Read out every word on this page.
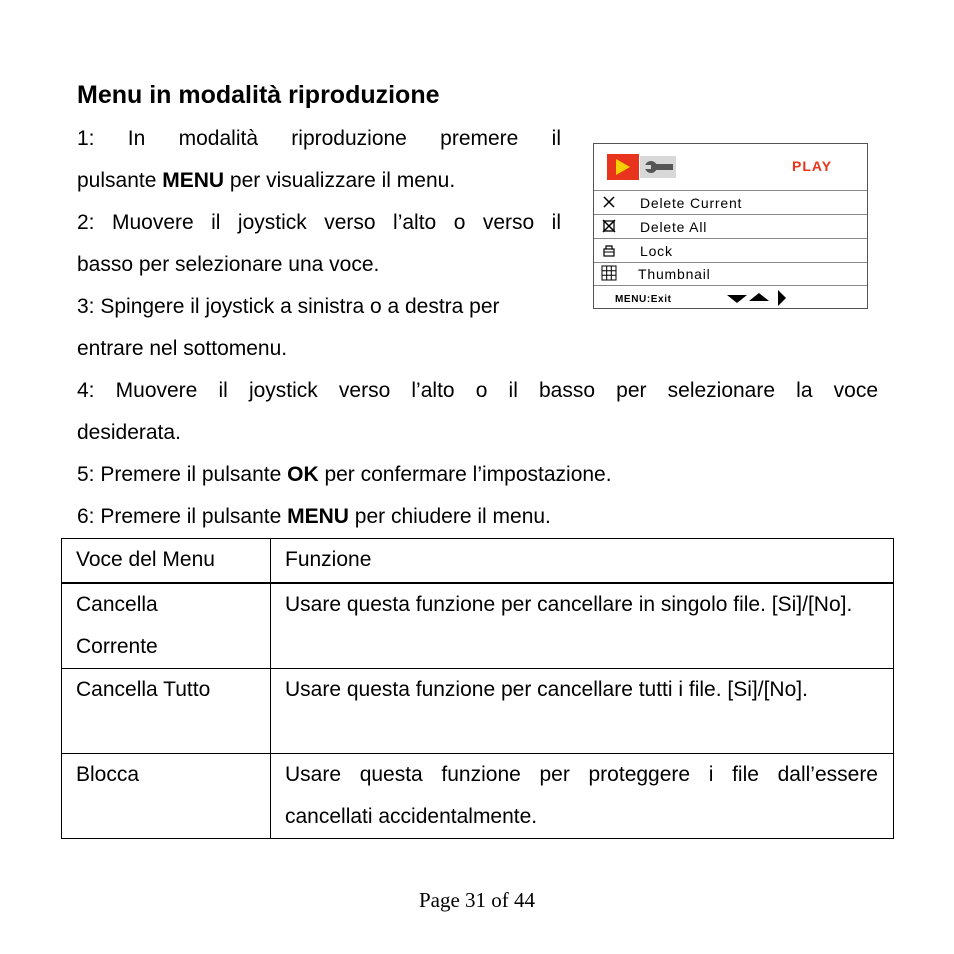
Menu in modalità riproduzione

1: In modalità riproduzione premere il

pulsante MENU per visualizzare il menu.

2: Muovere il joystick verso l’alto o verso il

basso per selezionare una voce.

3: Spingere il joystick a sinistra o a destra per

entrare nel sottomenu.

4: Muovere il joystick verso l’alto o il basso per selezionare la voce

desiderata.

5: Premere il pulsante OK per confermare l’impostazione.

6: Premere il pulsante MENU per chiudere il menu.

PLAY
Delete Current
Delete All
Lock
Thumbnail
MENU:Exit
Voce del Menu	Funzione

Cancella
Corrente	Usare questa funzione per cancellare in singolo file. [Si]/[No].
Cancella Tutto	Usare questa funzione per cancellare tutti i file. [Si]/[No].
Blocca	Usare questa funzione per proteggere i file dall’essere cancellati accidentalmente.
Page 31 of 44
